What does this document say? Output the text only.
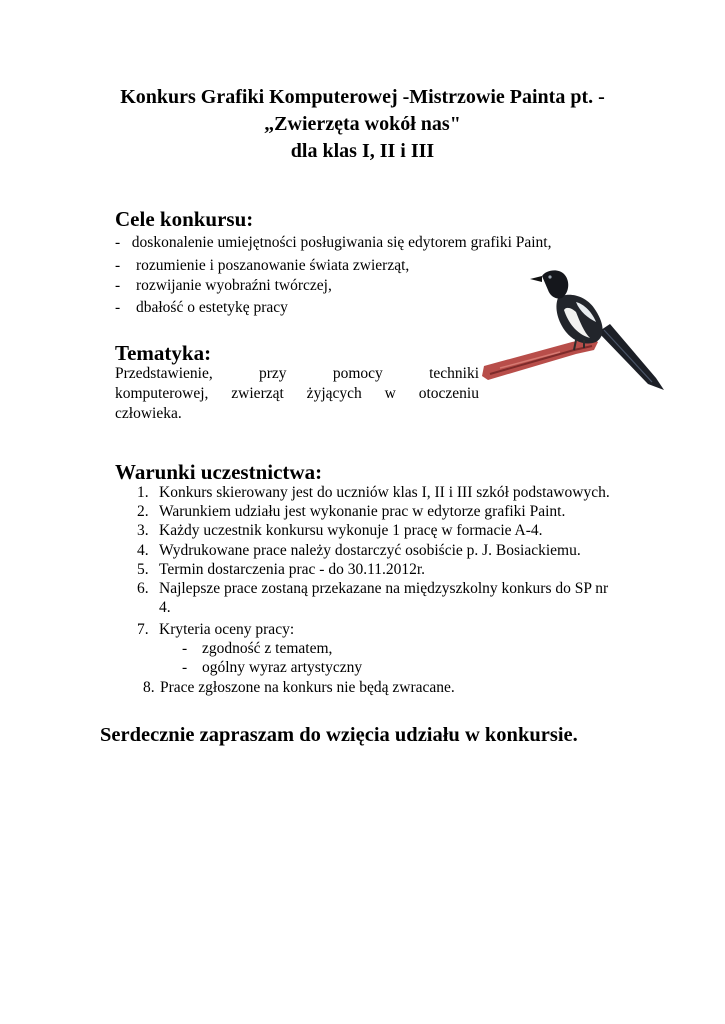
Konkurs Grafiki Komputerowej -Mistrzowie Painta pt. -
„Zwierzęta wokół nas"
dla klas I, II i III
Cele konkursu:
-   doskonalenie umiejętności posługiwania się edytorem grafiki Paint,
- rozumienie i poszanowanie świata zwierząt,
- rozwijanie wyobraźni twórczej,
- dbałość o estetykę pracy
Tematyka:
Przedstawienie, przy pomocy techniki
komputerowej, zwierząt żyjących w otoczeniu
człowieka.
Warunki uczestnictwa:
1. Konkurs skierowany jest do uczniów klas I, II i III szkół podstawowych.
2. Warunkiem udziału jest wykonanie prac w edytorze grafiki Paint.
3. Każdy uczestnik konkursu wykonuje 1 pracę w formacie A-4.
4. Wydrukowane prace należy dostarczyć osobiście p. J. Bosiackiemu.
5. Termin dostarczenia prac - do 30.11.2012r.
6. Najlepsze prace zostaną przekazane na międzyszkolny konkurs do SP nr
4.
7. Kryteria oceny pracy:
- zgodność z tematem,
- ogólny wyraz artystyczny
8. Prace zgłoszone na konkurs nie będą zwracane.
Serdecznie zapraszam do wzięcia udziału w konkursie.
